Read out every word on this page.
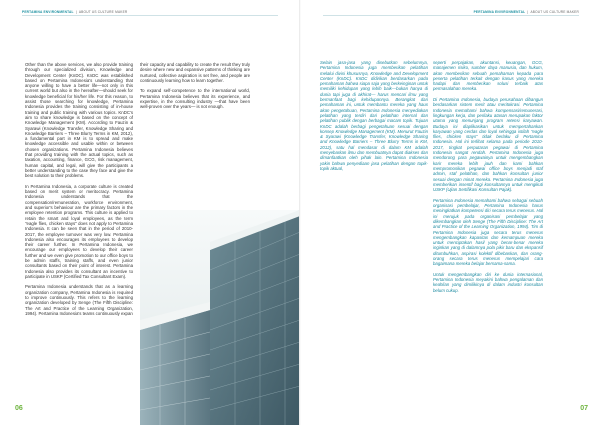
PERTAMINA ENVIRONMENTAL  |  ABOUT US CULTURE MAKER

Other than the above services, we also provide training through our specialized division, Knowledge and Development Center (KnDC). KnDC was established based on Pertamina Indonesia's understanding that anyone willing to have a better life—not only in this current world but also in the hereafter—should seek for knowledge beneficial for his/her life. For this reason, to assist those searching for knowledge, Pertamina Indonesia provides the training consisting of in-house training and public training with various topics. KnDC's aim to share knowledge is based on the concept of Knowledge Management (KM). According to Fauzin & Syarawi (Knowledge Transfer, Knowledge Sharing and Knowledge Barriers – Three Blurry Terms in KM, 2012), a fundamental part in KM is to spread and make knowledge accessible and usable within or between chosen organizations. Pertamina Indonesia believes that providing training with the actual topics, such as taxation, accounting, finance, GCG, risk management, human capital, and legal, will give the participants a better understanding to the case they face and give the best solution to their problems.

In Pertamina Indonesia, a corporate culture is created based on merit system or meritocracy. Pertamina Indonesia understands that the compensation/remuneration, workforce environment, and superior's behaviour are the primary factors in the employee retention programs. This culture is applied to retain the smart and loyal employees, as the term "eagle flies, chicken stays" does not apply to Pertamina Indonesia. It can be seen that in the period of 2010-2017, the employee turnover was very low. Pertamina Indonesia also encourages its employees to develop their career further. In Pertamina Indonesia, we encourage our employees to develop their career further and we even give promotion to our office boys to be admin staffs, training staffs, and even junior consultants based on their point of interest. Pertamina Indonesia also provides its consultant an incentive to participate in USKP (Certified Tax Consultant Exam).

Pertamina Indonesia understands that as a learning organization company, Pertamina Indonesia is required to improve continuously. This refers to the learning organization developed by Senge (The Fifth Discipline: The Art and Practice of the Learning Organization, 1994). Pertamina Indonesia's teams continuously expan

their capacity and capability to create the result they truly desire where new and expansive patterns of thinking are nurtured, collective aspiration is set free, and people are continuously learning how to learn together.

To expand self-competence to the international world, Pertamina Indonesia believes that its experience, and expertise, in the consulting industry —that have been well-proven over the years— is not enough.

06
PERTAMINA ENVIRONMENTAL  |  ABOUT US CULTURE MAKER

Selain jasa-jasa yang disebutkan sebelumnya, Pertamina Indonesia juga memberikan pelatihan melalui divisi khususnya, Knowledge and Development Center (KnDC). KnDC didirikan berdasarkan pada pemahaman bahwa siapa saja yang berkeinginan untuk memiliki kehidupan yang lebih baik—bukan hanya di dunia tapi juga di akhirat— harus mencari ilmu yang bermanfaat bagi kehidupannya. Berangkat dari pemahaman ini, untuk membantu mereka yang haus akan pengetahuan, Pertamina Indonesia menyediakan pelatihan yang terdiri dari pelatihan internal dan pelatihan publik dengan berbagai macam topik. Tujuan KnDC adalah berbagi pengetahuan sesuai dengan konsep Knowledge Management (KM). Menurut Fauzin & Syarawi (Knowledge Transfer, Knowledge Sharing and Knowledge Barriers – Three Blurry Terms in KM, 2012), satu hal mendasar di dalam KM adalah menyebarkan ilmu dan membuatnya dapat diakses dan dimanfaatkan oleh pihak lain. Pertamina Indonesia yakin bahwa penyediaan jasa pelatihan dengan topik-topik aktual,

seperti perpajakan, akuntansi, keuangan, GCG, manajemen risiko, sumber daya manusia, dan hukum, akan memberikan sebuah pemahaman kepada para peserta pelatihan terkait dengan kasus yang mereka hadapi dan memberikan solusi terbaik atas permasalahan mereka.

Di Pertamina Indonesia, budaya perusahaan dibangun berdasarkan sistem merit atau meritokrasi. Pertamina Indonesia memahami bahwa kompensasi/remunerasi, lingkungan kerja, dan perilaku atasan merupakan faktor utama yang menunjang program retensi karyawan. Budaya ini diaplikasikan untuk mempertahankan karyawan yang cerdas dan loyal sehingga istilah "eagle flies, chicken stays" tidak berlaku di Pertamina Indonesia. Hal ini terlihat selama pada periode 2010-2017, tingkat perputaran pegawai di Pertamina Indonesia sangat rendah. Pertamina Indonesia juga mendorong para pegawainya untuk mengembangkan karir mereka lebih jauh dan kami bahkan mempromosikan pegawai office boys menjadi staf admin, staf pelatihan, dan bahkan konsultan junior sesuai dengan minat mereka. Pertamina Indonesia juga memberikan insentif bagi konsultannya untuk mengikuti USKP (Ujian Sertifikasi Konsultan Pajak).

Pertamina Indonesia memahami bahwa sebagai sebuah organisasi pembelajar, Pertamina Indonesia harus meningkatkan kompetensi diri secara terus menerus. Hal ini merujuk pada organisasi pembelajar yang dikembangkan oleh Senge (The Fifth Discipline: The Art and Practice of the Learning Organization, 1994). Tim di Pertamina Indonesia juga secara terus menerus mengembangkan kapasitas dan kemampuan mereka untuk menciptakan hasil yang benar-benar mereka inginkan yang di dalamnya pola pikir baru dan ekspansif ditumbuhkan, aspirasi kolektif dibebaskan, dan orang-orang secara terus menerus mempelajari cara bagaimana mereka belajar bersama-sama.

Untuk mengembangkan diri ke dunia internasional, Pertamina Indonesia meyakini bahwa pengalaman dan keahlian yang dimilikinya di dalam industri konsultan belum cukup.

07
